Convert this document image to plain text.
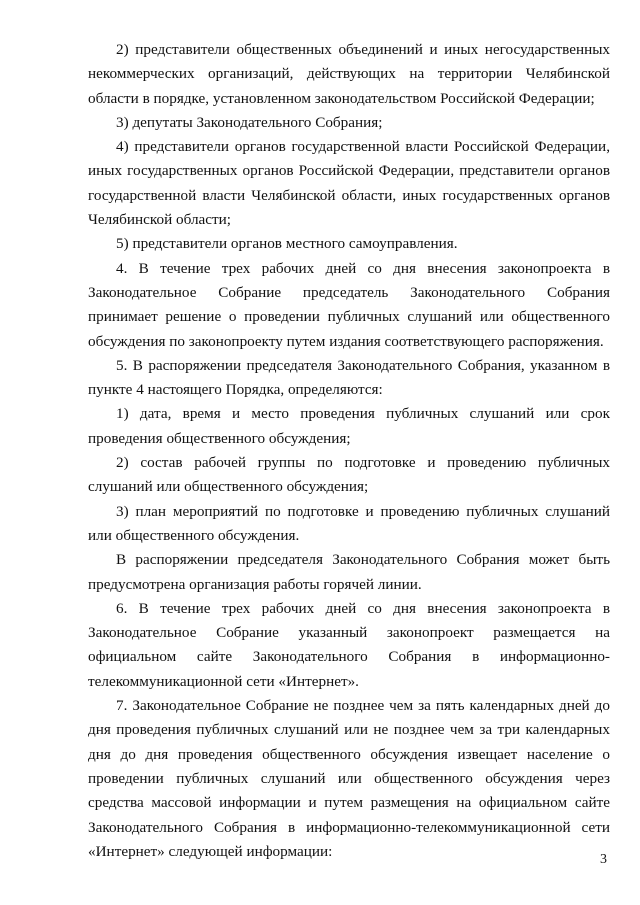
2) представители общественных объединений и иных негосударственных некоммерческих организаций, действующих на территории Челябинской области в порядке, установленном законодательством Российской Федерации;

3) депутаты Законодательного Собрания;

4) представители органов государственной власти Российской Федерации, иных государственных органов Российской Федерации, представители органов государственной власти Челябинской области, иных государственных органов Челябинской области;

5) представители органов местного самоуправления.

4. В течение трех рабочих дней со дня внесения законопроекта в Законодательное Собрание председатель Законодательного Собрания принимает решение о проведении публичных слушаний или общественного обсуждения по законопроекту путем издания соответствующего распоряжения.

5. В распоряжении председателя Законодательного Собрания, указанном в пункте 4 настоящего Порядка, определяются:

1) дата, время и место проведения публичных слушаний или срок проведения общественного обсуждения;

2) состав рабочей группы по подготовке и проведению публичных слушаний или общественного обсуждения;

3) план мероприятий по подготовке и проведению публичных слушаний или общественного обсуждения.

В распоряжении председателя Законодательного Собрания может быть предусмотрена организация работы горячей линии.

6. В течение трех рабочих дней со дня внесения законопроекта в Законодательное Собрание указанный законопроект размещается на официальном сайте Законодательного Собрания в информационно-телекоммуникационной сети «Интернет».

7. Законодательное Собрание не позднее чем за пять календарных дней до дня проведения публичных слушаний или не позднее чем за три календарных дня до дня проведения общественного обсуждения извещает население о проведении публичных слушаний или общественного обсуждения через средства массовой информации и путем размещения на официальном сайте Законодательного Собрания в информационно-телекоммуникационной сети «Интернет» следующей информации:	3
